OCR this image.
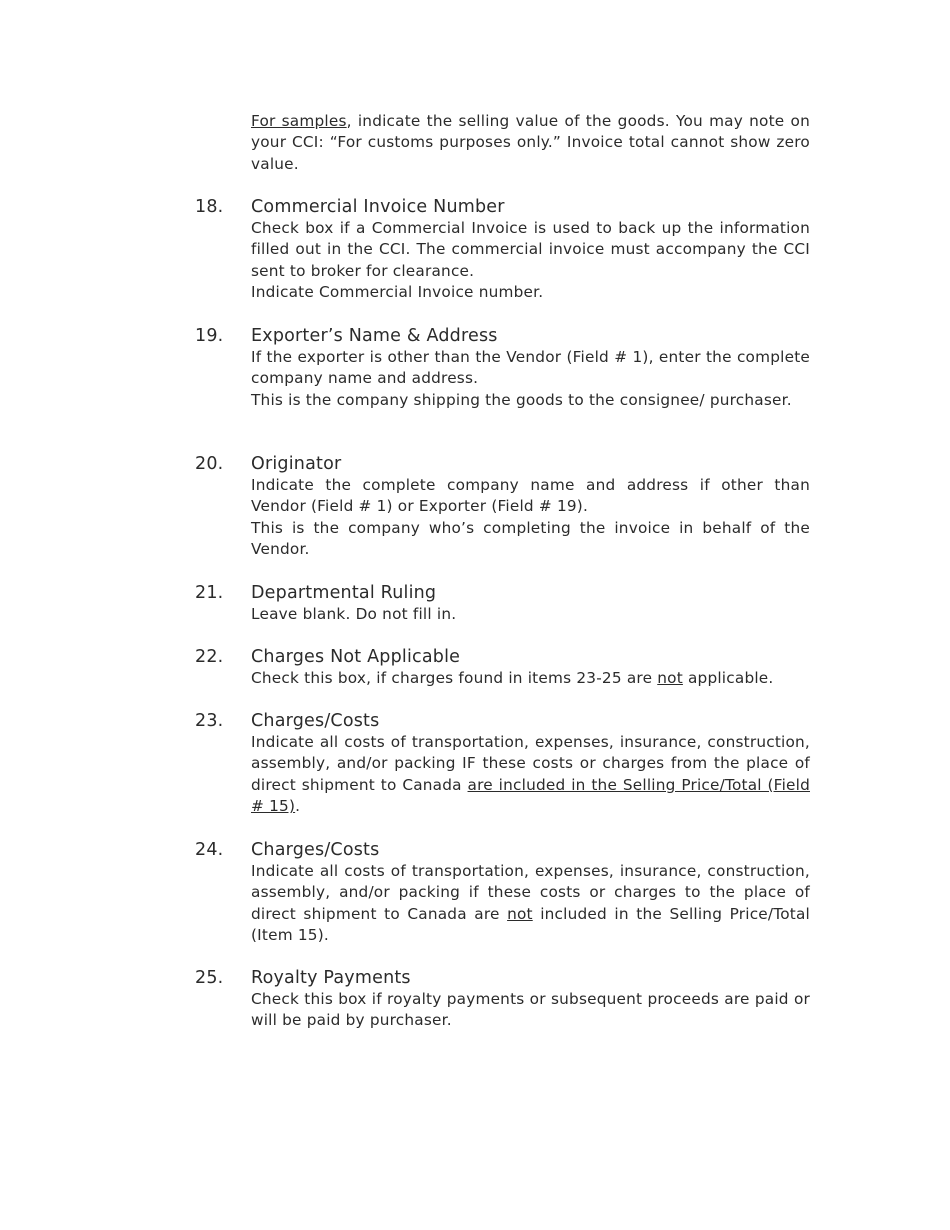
For samples, indicate the selling value of the goods. You may note on your CCI: “For customs purposes only.” Invoice total cannot show zero value.
18. Commercial Invoice Number
Check box if a Commercial Invoice is used to back up the information filled out in the CCI. The commercial invoice must accompany the CCI sent to broker for clearance.
Indicate Commercial Invoice number.
19. Exporter’s Name & Address
If the exporter is other than the Vendor (Field # 1), enter the complete company name and address.
This is the company shipping the goods to the consignee/ purchaser.
20. Originator
Indicate the complete company name and address if other than Vendor (Field # 1) or Exporter (Field # 19).
This is the company who’s completing the invoice in behalf of the Vendor.
21. Departmental Ruling
Leave blank. Do not fill in.
22. Charges Not Applicable
Check this box, if charges found in items 23-25 are not applicable.
23. Charges/Costs
Indicate all costs of transportation, expenses, insurance, construction, assembly, and/or packing IF these costs or charges from the place of direct shipment to Canada are included in the Selling Price/Total (Field # 15).
24. Charges/Costs
Indicate all costs of transportation, expenses, insurance, construction, assembly, and/or packing if these costs or charges to the place of direct shipment to Canada are not included in the Selling Price/Total (Item 15).
25. Royalty Payments
Check this box if royalty payments or subsequent proceeds are paid or will be paid by purchaser.
